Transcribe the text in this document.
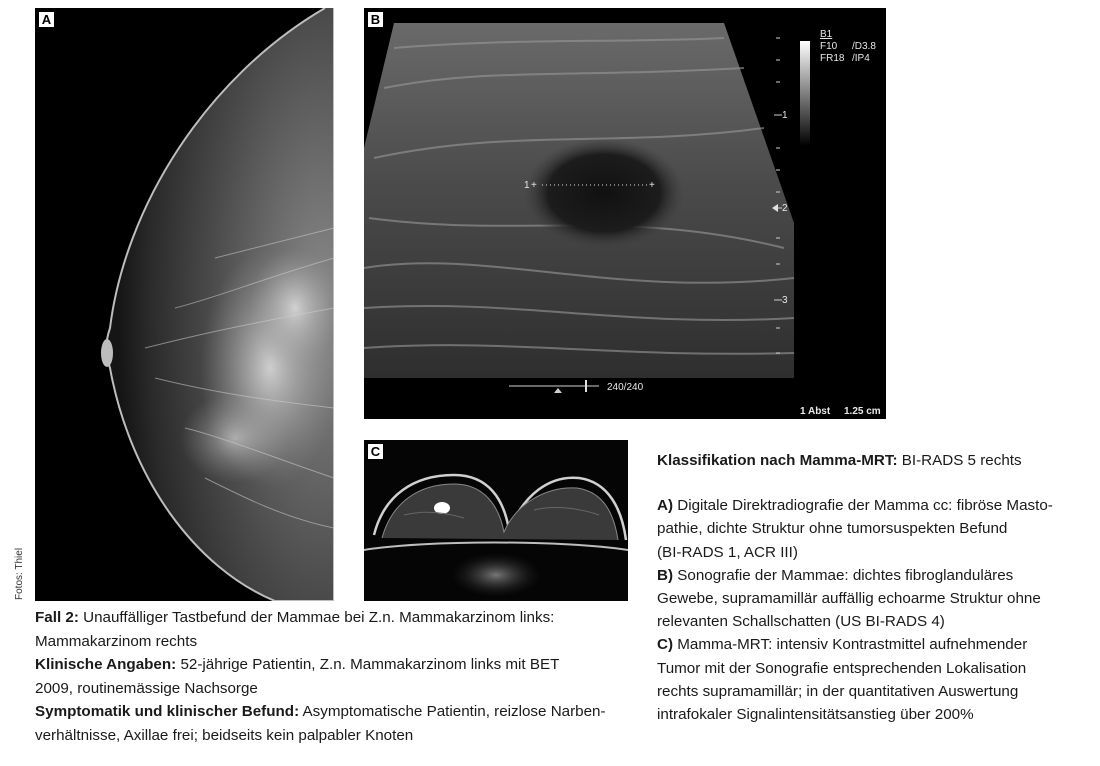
A	B
1 +	+
B1
F10 /D3.8
FR18 /IP4
1
2
3
240/240
1 Abst 1.25 cm
C
Fotos: Thiel
Fall 2: Unauffälliger Tastbefund der Mammae bei Z.n. Mammakarzinom links:
Mammakarzinom rechts
Klinische Angaben: 52-jährige Patientin, Z.n. Mammakarzinom links mit BET
2009, routinemässige Nachsorge
Symptomatik und klinischer Befund: Asymptomatische Patientin, reizlose Narben-
verhältnisse, Axillae frei; beidseits kein palpabler Knoten
Klassifikation nach Mamma-MRT: BI-RADS 5 rechts
A) Digitale Direktradiografie der Mamma cc: fibröse Masto-
pathie, dichte Struktur ohne tumorsuspekten Befund
(BI-RADS 1, ACR III)
B) Sonografie der Mammae: dichtes fibroglanduläres
Gewebe, supramamillär auffällig echoarme Struktur ohne
relevanten Schallschatten (US BI-RADS 4)
C) Mamma-MRT: intensiv Kontrastmittel aufnehmender
Tumor mit der Sonografie entsprechenden Lokalisation
rechts supramamillär; in der quantitativen Auswertung
intrafokaler Signalintensitätsanstieg über 200%
